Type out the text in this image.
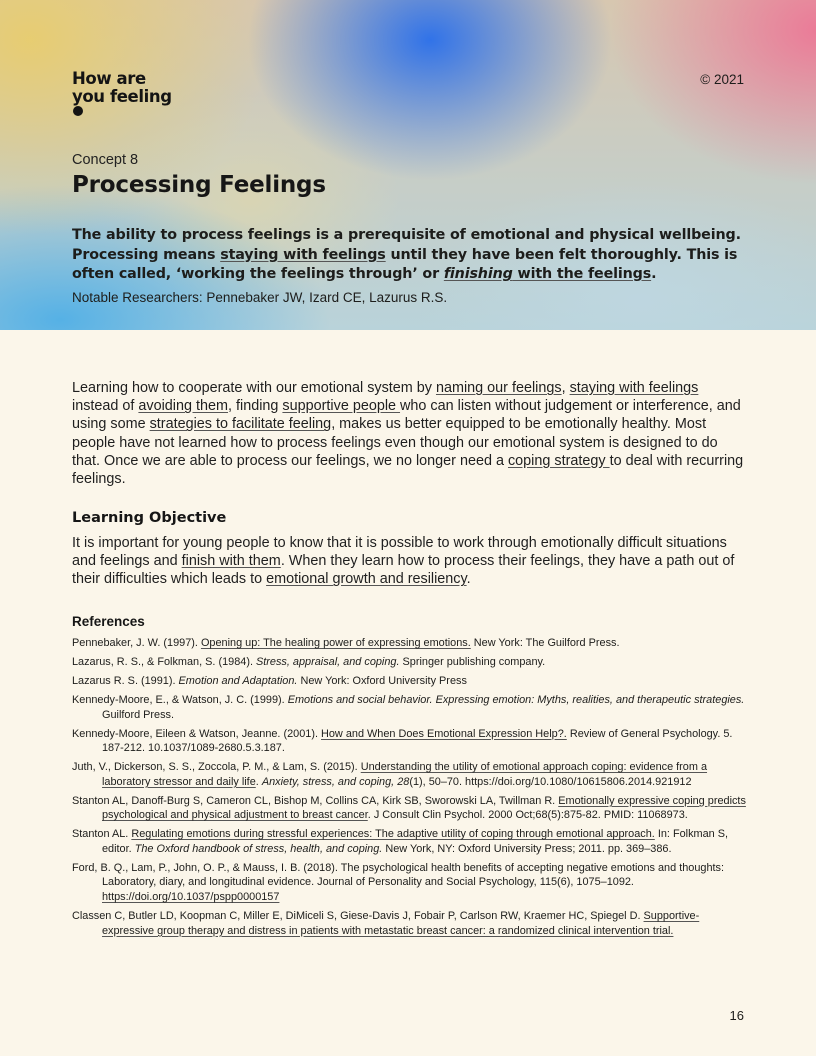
How are
you feeling
© 2021
Concept 8
Processing Feelings

The ability to process feelings is a prerequisite of emotional and physical wellbeing. Processing means staying with feelings until they have been felt thoroughly. This is often called, ‘working the feelings through’ or finishing with the feelings.

Notable Researchers: Pennebaker JW, Izard CE, Lazurus R.S.

Learning how to cooperate with our emotional system by naming our feelings, staying with feelings instead of avoiding them, finding supportive people who can listen without judgement or interference, and using some strategies to facilitate feeling, makes us better equipped to be emotionally healthy. Most people have not learned how to process feelings even though our emotional system is designed to do that. Once we are able to process our feelings, we no longer need a coping strategy to deal with recurring feelings.

Learning Objective

It is important for young people to know that it is possible to work through emotionally difficult situations and feelings and finish with them. When they learn how to process their feelings, they have a path out of their difficulties which leads to emotional growth and resiliency.

References
Pennebaker, J. W. (1997). Opening up: The healing power of expressing emotions. New York: The Guilford Press.
Lazarus, R. S., & Folkman, S. (1984). Stress, appraisal, and coping. Springer publishing company.
Lazarus R. S. (1991). Emotion and Adaptation. New York: Oxford University Press
Kennedy-Moore, E., & Watson, J. C. (1999). Emotions and social behavior. Expressing emotion: Myths, realities, and therapeutic strategies. Guilford Press.
Kennedy-Moore, Eileen & Watson, Jeanne. (2001). How and When Does Emotional Expression Help?. Review of General Psychology. 5. 187-212. 10.1037/1089-2680.5.3.187.
Juth, V., Dickerson, S. S., Zoccola, P. M., & Lam, S. (2015). Understanding the utility of emotional approach coping: evidence from a laboratory stressor and daily life. Anxiety, stress, and coping, 28(1), 50–70. https://doi.org/10.1080/10615806.2014.921912
Stanton AL, Danoff-Burg S, Cameron CL, Bishop M, Collins CA, Kirk SB, Sworowski LA, Twillman R. Emotionally expressive coping predicts psychological and physical adjustment to breast cancer. J Consult Clin Psychol. 2000 Oct;68(5):875-82. PMID: 11068973.
Stanton AL. Regulating emotions during stressful experiences: The adaptive utility of coping through emotional approach. In: Folkman S, editor. The Oxford handbook of stress, health, and coping. New York, NY: Oxford University Press; 2011. pp. 369–386.
Ford, B. Q., Lam, P., John, O. P., & Mauss, I. B. (2018). The psychological health benefits of accepting negative emotions and thoughts: Laboratory, diary, and longitudinal evidence. Journal of Personality and Social Psychology, 115(6), 1075–1092. https://doi.org/10.1037/pspp0000157
Classen C, Butler LD, Koopman C, Miller E, DiMiceli S, Giese-Davis J, Fobair P, Carlson RW, Kraemer HC, Spiegel D. Supportive-expressive group therapy and distress in patients with metastatic breast cancer: a randomized clinical intervention trial.
16
